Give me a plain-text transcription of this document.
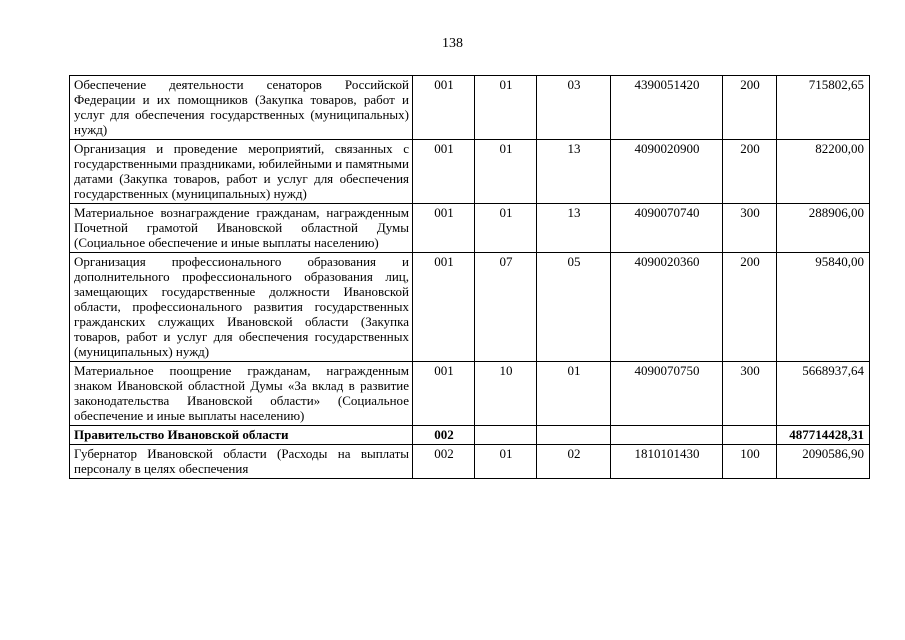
138
Обеспечение деятельности сенаторов Российской Федерации и их помощников (Закупка товаров, работ и услуг для обеспечения государственных (муниципальных) нужд)	001	01	03	4390051420	200	715802,65
Организация и проведение мероприятий, связанных с государственными праздниками, юбилейными и памятными датами (Закупка товаров, работ и услуг для обеспечения государственных (муниципальных) нужд)	001	01	13	4090020900	200	82200,00
Материальное вознаграждение гражданам, награжденным Почетной грамотой Ивановской областной Думы (Социальное обеспечение и иные выплаты населению)	001	01	13	4090070740	300	288906,00
Организация профессионального образования и дополнительного профессионального образования лиц, замещающих государственные должности Ивановской области, профессионального развития государственных гражданских служащих Ивановской области (Закупка товаров, работ и услуг для обеспечения государственных (муниципальных) нужд)	001	07	05	4090020360	200	95840,00
Материальное поощрение гражданам, награжденным знаком Ивановской областной Думы «За вклад в развитие законодательства Ивановской области» (Социальное обеспечение и иные выплаты населению)	001	10	01	4090070750	300	5668937,64
Правительство Ивановской области	002					487714428,31
Губернатор Ивановской области (Расходы на выплаты персоналу в целях обеспечения	002	01	02	1810101430	100	2090586,90
